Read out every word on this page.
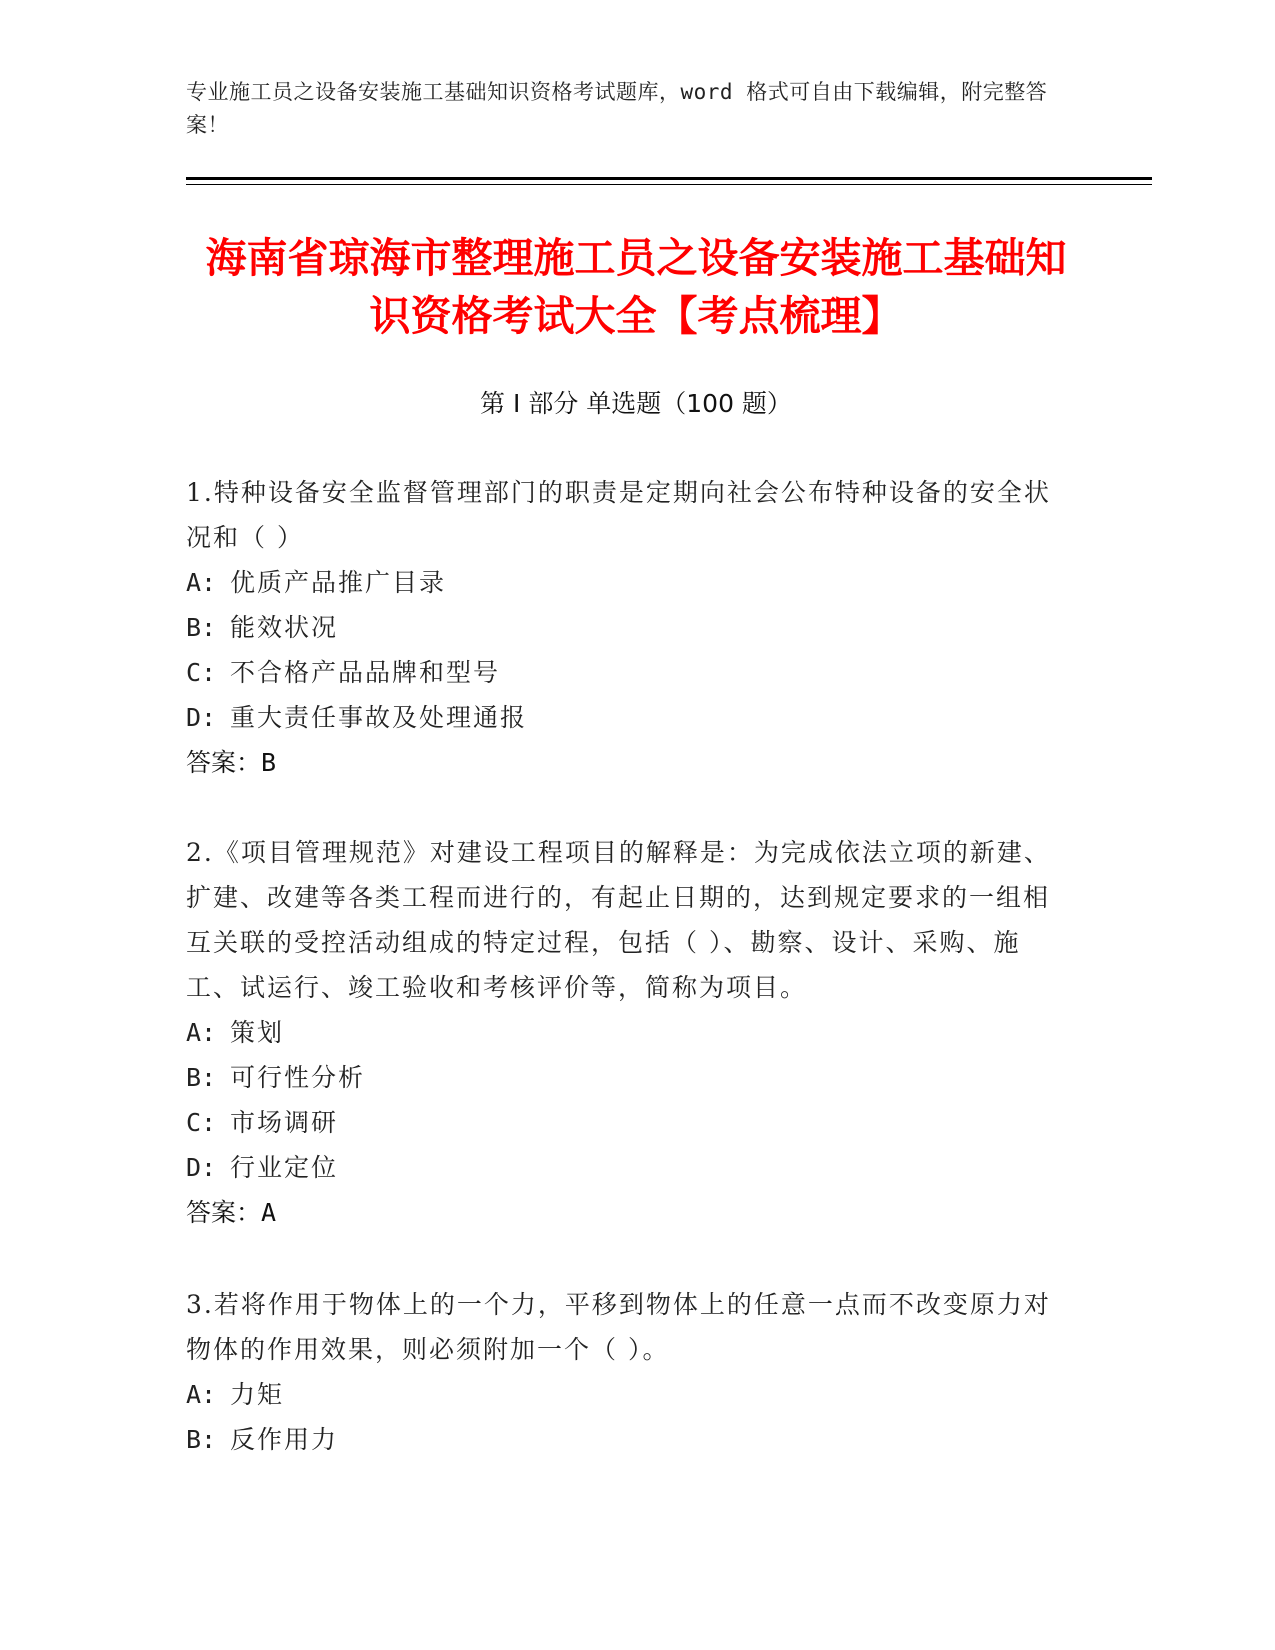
专业施工员之设备安装施工基础知识资格考试题库，word 格式可自由下载编辑，附完整答案！
海南省琼海市整理施工员之设备安装施工基础知识资格考试大全【考点梳理】
第 I 部分 单选题（100 题）

1.特种设备安全监督管理部门的职责是定期向社会公布特种设备的安全状况和（ ）

A: 优质产品推广目录

B: 能效状况

C: 不合格产品品牌和型号

D: 重大责任事故及处理通报

答案：B

2.《项目管理规范》对建设工程项目的解释是：为完成依法立项的新建、扩建、改建等各类工程而进行的，有起止日期的，达到规定要求的一组相互关联的受控活动组成的特定过程，包括（ ）、勘察、设计、采购、施工、试运行、竣工验收和考核评价等，简称为项目。

A: 策划

B: 可行性分析

C: 市场调研

D: 行业定位

答案：A

3.若将作用于物体上的一个力，平移到物体上的任意一点而不改变原力对物体的作用效果，则必须附加一个（ ）。

A: 力矩

B: 反作用力
